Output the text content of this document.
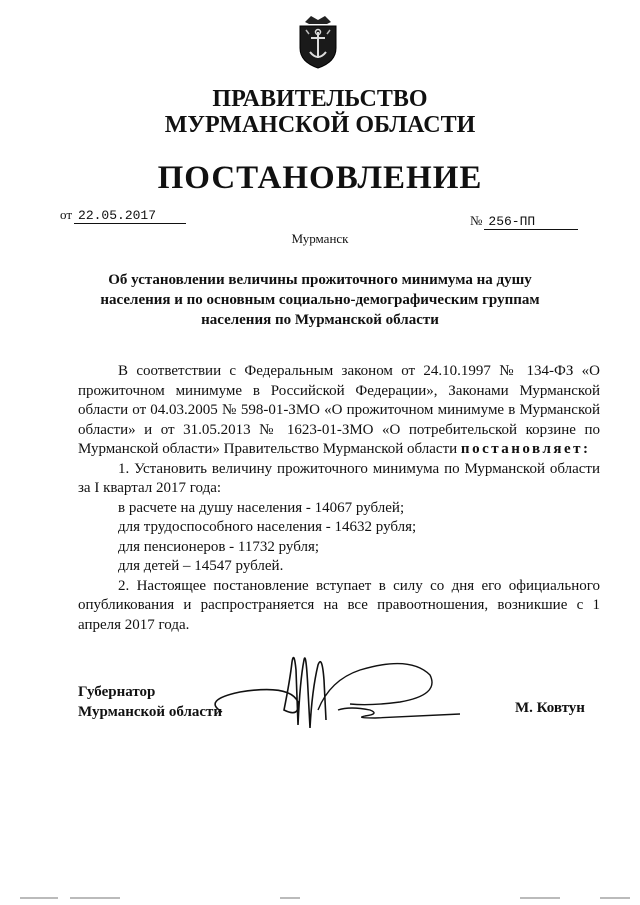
ПРАВИТЕЛЬСТВО
МУРМАНСКОЙ ОБЛАСТИ
ПОСТАНОВЛЕНИЕ
от 22.05.2017	№ 256-ПП
Мурманск
Об установлении величины прожиточного минимума на душу
населения и по основным социально-демографическим группам
населения по Мурманской области

В соответствии с Федеральным законом от 24.10.1997 № 134-ФЗ «О прожиточном минимуме в Российской Федерации», Законами Мурманской области от 04.03.2005 № 598-01-ЗМО «О прожиточном минимуме в Мурманской области» и от 31.05.2013 № 1623-01-ЗМО «О потребительской корзине по Мурманской области» Правительство Мурманской области постановляет:

1. Установить величину прожиточного минимума по Мурманской области за I квартал 2017 года:

в расчете на душу населения - 14067 рублей;

для трудоспособного населения - 14632 рубля;

для пенсионеров - 11732 рубля;

для детей – 14547 рублей.

2. Настоящее постановление вступает в силу со дня его официального опубликования и распространяется на все правоотношения, возникшие с 1 апреля 2017 года.

Губернатор
Мурманской области	М. Ковтун
